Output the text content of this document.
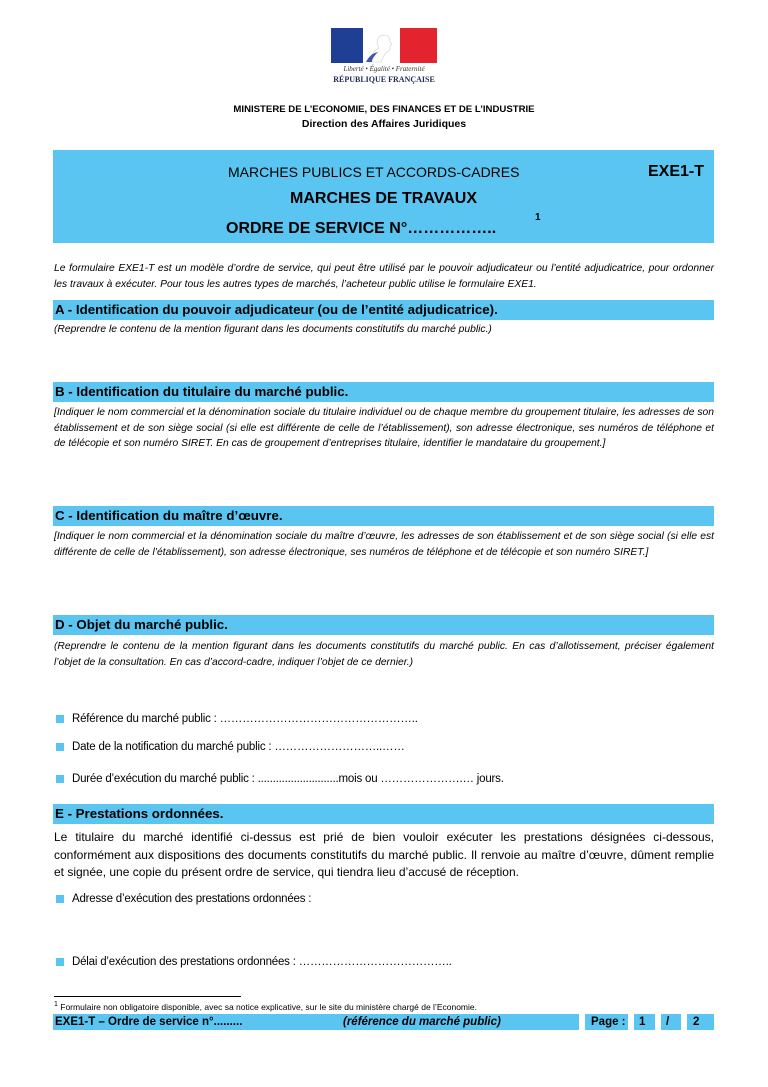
Liberté • Égalité • Fraternité
RÉPUBLIQUE FRANÇAISE
MINISTERE DE L’ECONOMIE, DES FINANCES ET DE L’INDUSTRIE
Direction des Affaires Juridiques
MARCHES PUBLICS ET ACCORDS-CADRES	EXE1-T
MARCHES DE TRAVAUX
ORDRE DE SERVICE N°……………..
1
Le formulaire EXE1-T est un modèle d’ordre de service, qui peut être utilisé par le pouvoir adjudicateur ou l’entité adjudicatrice, pour ordonner les travaux à exécuter. Pour tous les autres types de marchés, l’acheteur public utilise le formulaire EXE1.
A - Identification du pouvoir adjudicateur (ou de l’entité adjudicatrice).
(Reprendre le contenu de la mention figurant dans les documents constitutifs du marché public.)
B - Identification du titulaire du marché public.
[Indiquer le nom commercial et la dénomination sociale du titulaire individuel ou de chaque membre du groupement titulaire, les adresses de son établissement et de son siège social (si elle est différente de celle de l’établissement), son adresse électronique, ses numéros de téléphone et de télécopie et son numéro SIRET. En cas de groupement d’entreprises titulaire, identifier le mandataire du groupement.]
C - Identification du maître d’œuvre.
[Indiquer le nom commercial et la dénomination sociale du maître d’œuvre, les adresses de son établissement et de son siège social (si elle est différente de celle de l’établissement), son adresse électronique, ses numéros de téléphone et de télécopie et son numéro SIRET.]
D - Objet du marché public.
(Reprendre le contenu de la mention figurant dans les documents constitutifs du marché public. En cas d’allotissement, préciser également l’objet de la consultation. En cas d’accord-cadre, indiquer l’objet de ce dernier.)
Référence du marché public : ……………………………………………..
Date de la notification du marché public : ………………………..……
Durée d’exécution du marché public : ...........................mois ou ………………….… jours.
E - Prestations ordonnées.
Le titulaire du marché identifié ci-dessus est prié de bien vouloir exécuter les prestations désignées ci-dessous, conformément aux dispositions des documents constitutifs du marché public. Il renvoie au maître d’œuvre, dûment remplie et signée, une copie du présent ordre de service, qui tiendra lieu d’accusé de réception.
Adresse d’exécution des prestations ordonnées :
Délai d’exécution des prestations ordonnées : …………………………………..
$^1$ Formulaire non obligatoire disponible, avec sa notice explicative, sur le site du ministère chargé de l’Economie.
EXE1-T – Ordre de service n°.........	(référence du marché public)	Page : 1 / 2
